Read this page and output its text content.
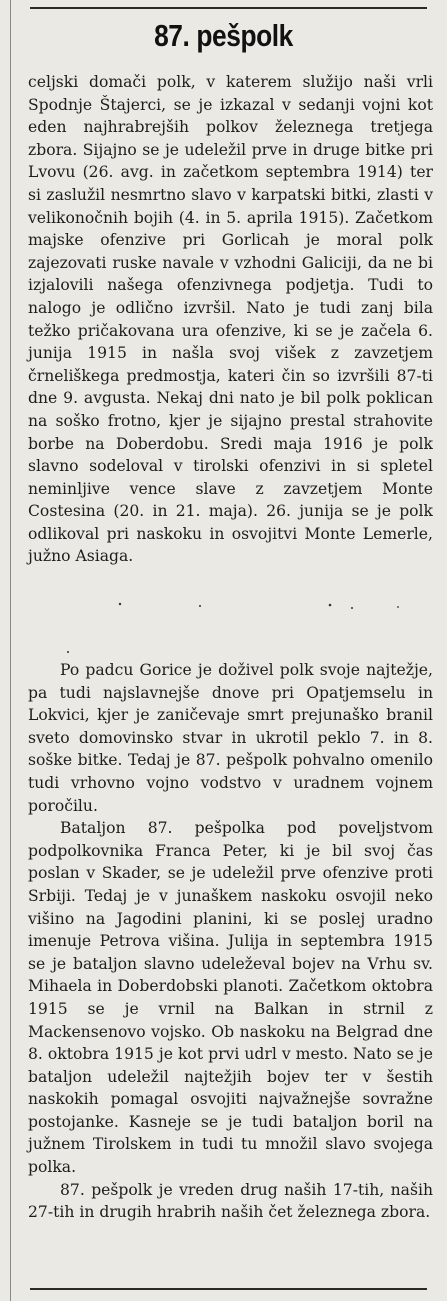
87. pešpolk

celjski domači polk, v katerem služijo naši vrli Spodnje Štajerci, se je izkazal v sedanji vojni kot eden najhrabrejših polkov železnega tretjega zbora. Sijajno se je udeležil prve in druge bitke pri Lvovu (26. avg. in začetkom septembra 1914) ter si zaslužil nesmrtno slavo v karpatski bitki, zlasti v velikonočnih bojih (4. in 5. aprila 1915). Začetkom majske ofenzive pri Gorlicah je moral polk zajezovati ruske navale v vzhodni Galiciji, da ne bi izjalovili našega ofenzivnega podjetja. Tudi to nalogo je odlično izvršil. Nato je tudi zanj bila težko pričakovana ura ofenzive, ki se je začela 6. junija 1915 in našla svoj višek z zavzetjem črneliškega predmostja, kateri čin so izvršili 87-ti dne 9. avgusta. Nekaj dni nato je bil polk poklican na soško frotno, kjer je sijajno prestal strahovite borbe na Doberdobu. Sredi maja 1916 je polk slavno sodeloval v tirolski ofenzivi in si spletel neminljive vence slave z zavzetjem Monte Costesina (20. in 21. maja). 26. junija se je polk odlikoval pri naskoku in osvojitvi Monte Lemerle, južno Asiaga.

Po padcu Gorice je doživel polk svoje najtežje, pa tudi najslavnejše dnove pri Opatjemselu in Lokvici, kjer je zaničevaje smrt prejunaško branil sveto domovinsko stvar in ukrotil peklo 7. in 8. soške bitke. Tedaj je 87. pešpolk pohvalno omenilo tudi vrhovno vojno vodstvo v uradnem vojnem poročilu.

Bataljon 87. pešpolka pod poveljstvom podpolkovnika Franca Peter, ki je bil svoj čas poslan v Skader, se je udeležil prve ofenzive proti Srbiji. Tedaj je v junaškem naskoku osvojil neko višino na Jagodini planini, ki se poslej uradno imenuje Petrova višina. Julija in septembra 1915 se je bataljon slavno udeleževal bojev na Vrhu sv. Mihaela in Doberdobski planoti. Začetkom oktobra 1915 se je vrnil na Balkan in strnil z Mackensenovo vojsko. Ob naskoku na Belgrad dne 8. oktobra 1915 je kot prvi udrl v mesto. Nato se je bataljon udeležil najtežjih bojev ter v šestih naskokih pomagal osvojiti najvažnejše sovražne postojanke. Kasneje se je tudi bataljon boril na južnem Tirolskem in tudi tu množil slavo svojega polka.

87. pešpolk je vreden drug naših 17-tih, naših 27-tih in drugih hrabrih naših čet železnega zbora.
